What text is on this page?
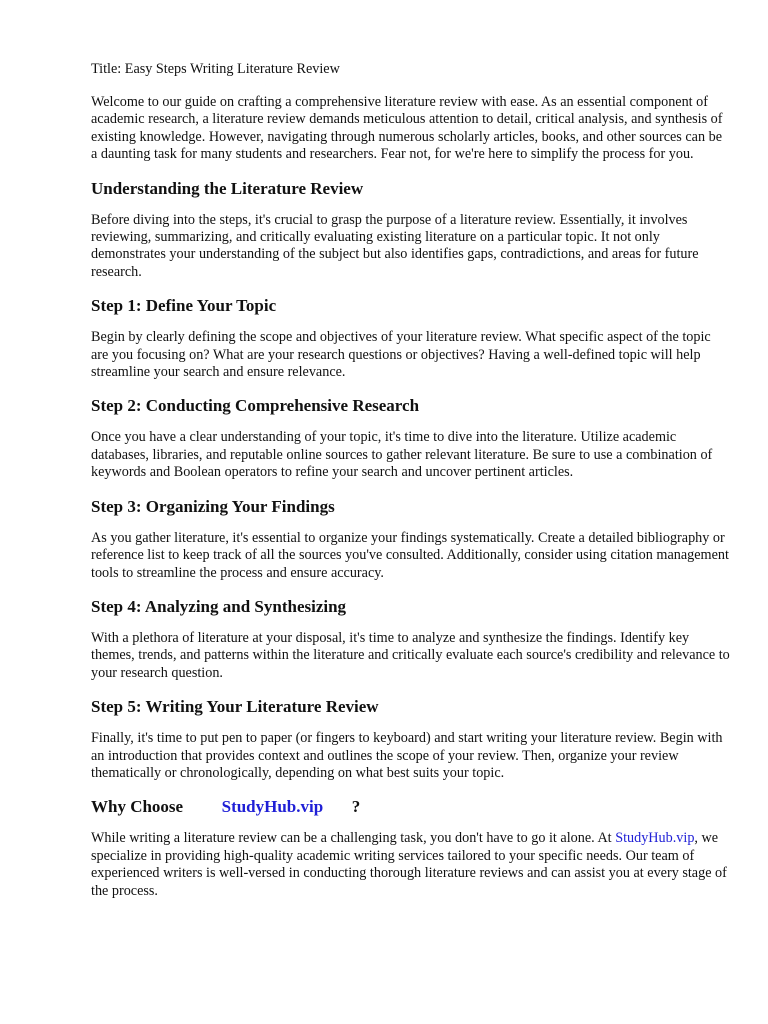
Title: Easy Steps Writing Literature Review

Welcome to our guide on crafting a comprehensive literature review with ease. As an essential component of academic research, a literature review demands meticulous attention to detail, critical analysis, and synthesis of existing knowledge. However, navigating through numerous scholarly articles, books, and other sources can be a daunting task for many students and researchers. Fear not, for we're here to simplify the process for you.

Understanding the Literature Review

Before diving into the steps, it's crucial to grasp the purpose of a literature review. Essentially, it involves reviewing, summarizing, and critically evaluating existing literature on a particular topic. It not only demonstrates your understanding of the subject but also identifies gaps, contradictions, and areas for future research.

Step 1: Define Your Topic

Begin by clearly defining the scope and objectives of your literature review. What specific aspect of the topic are you focusing on? What are your research questions or objectives? Having a well-defined topic will help streamline your search and ensure relevance.

Step 2: Conducting Comprehensive Research

Once you have a clear understanding of your topic, it's time to dive into the literature. Utilize academic databases, libraries, and reputable online sources to gather relevant literature. Be sure to use a combination of keywords and Boolean operators to refine your search and uncover pertinent articles.

Step 3: Organizing Your Findings

As you gather literature, it's essential to organize your findings systematically. Create a detailed bibliography or reference list to keep track of all the sources you've consulted. Additionally, consider using citation management tools to streamline the process and ensure accuracy.

Step 4: Analyzing and Synthesizing

With a plethora of literature at your disposal, it's time to analyze and synthesize the findings. Identify key themes, trends, and patterns within the literature and critically evaluate each source's credibility and relevance to your research question.

Step 5: Writing Your Literature Review

Finally, it's time to put pen to paper (or fingers to keyboard) and start writing your literature review. Begin with an introduction that provides context and outlines the scope of your review. Then, organize your review thematically or chronologically, depending on what best suits your topic.

Why Choose StudyHub.vip ?

While writing a literature review can be a challenging task, you don't have to go it alone. At StudyHub.vip, we specialize in providing high-quality academic writing services tailored to your specific needs. Our team of experienced writers is well-versed in conducting thorough literature reviews and can assist you at every stage of the process.
